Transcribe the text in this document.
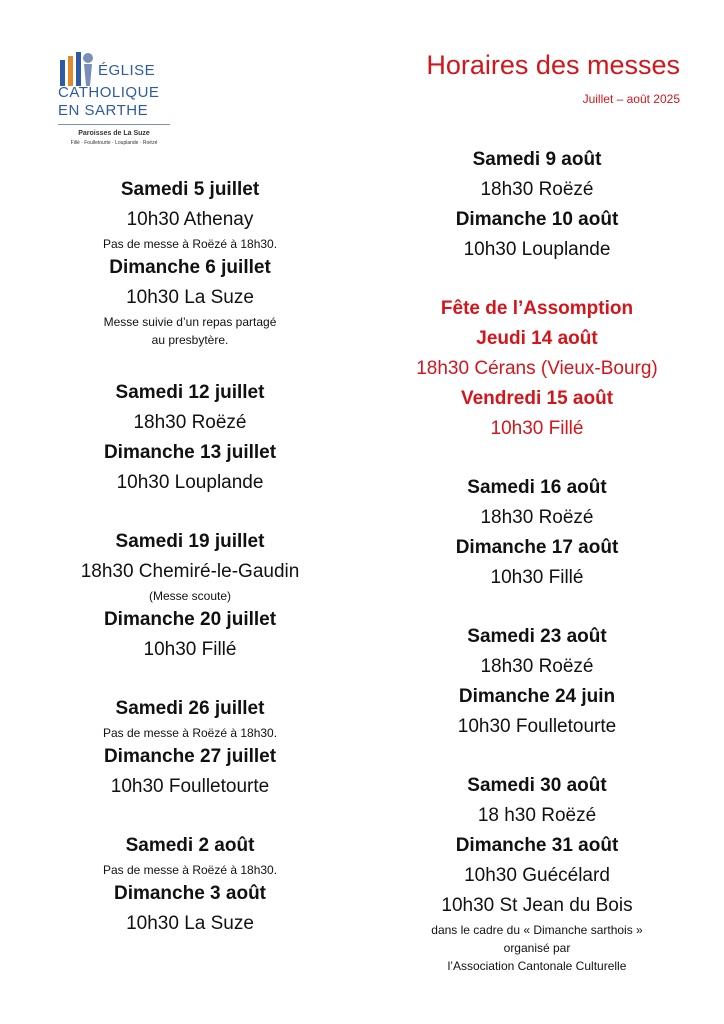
ÉGLISE
CATHOLIQUE
EN SARTHE
Paroisses de La Suze
Fillé · Foulletourte · Louplande · Roëzé
Horaires des messes
Juillet – août 2025
Samedi 5 juillet
10h30 Athenay
Pas de messe à Roëzé à 18h30.
Dimanche 6 juillet
10h30 La Suze
Messe suivie d’un repas partagé
au presbytère.
Samedi 12 juillet
18h30 Roëzé
Dimanche 13 juillet
10h30 Louplande
Samedi 19 juillet
18h30 Chemiré-le-Gaudin
(Messe scoute)
Dimanche 20 juillet
10h30 Fillé
Samedi 26 juillet
Pas de messe à Roëzé à 18h30.
Dimanche 27 juillet
10h30 Foulletourte
Samedi 2 août
Pas de messe à Roëzé à 18h30.
Dimanche 3 août
10h30 La Suze
Samedi 9 août
18h30 Roëzé
Dimanche 10 août
10h30 Louplande
Fête de l’Assomption
Jeudi 14 août
18h30 Cérans (Vieux-Bourg)
Vendredi 15 août
10h30 Fillé
Samedi 16 août
18h30 Roëzé
Dimanche 17 août
10h30 Fillé
Samedi 23 août
18h30 Roëzé
Dimanche 24 juin
10h30 Foulletourte
Samedi 30 août
18 h30 Roëzé
Dimanche 31 août
10h30 Guécélard
10h30 St Jean du Bois
dans le cadre du « Dimanche sarthois »
organisé par
l’Association Cantonale Culturelle
